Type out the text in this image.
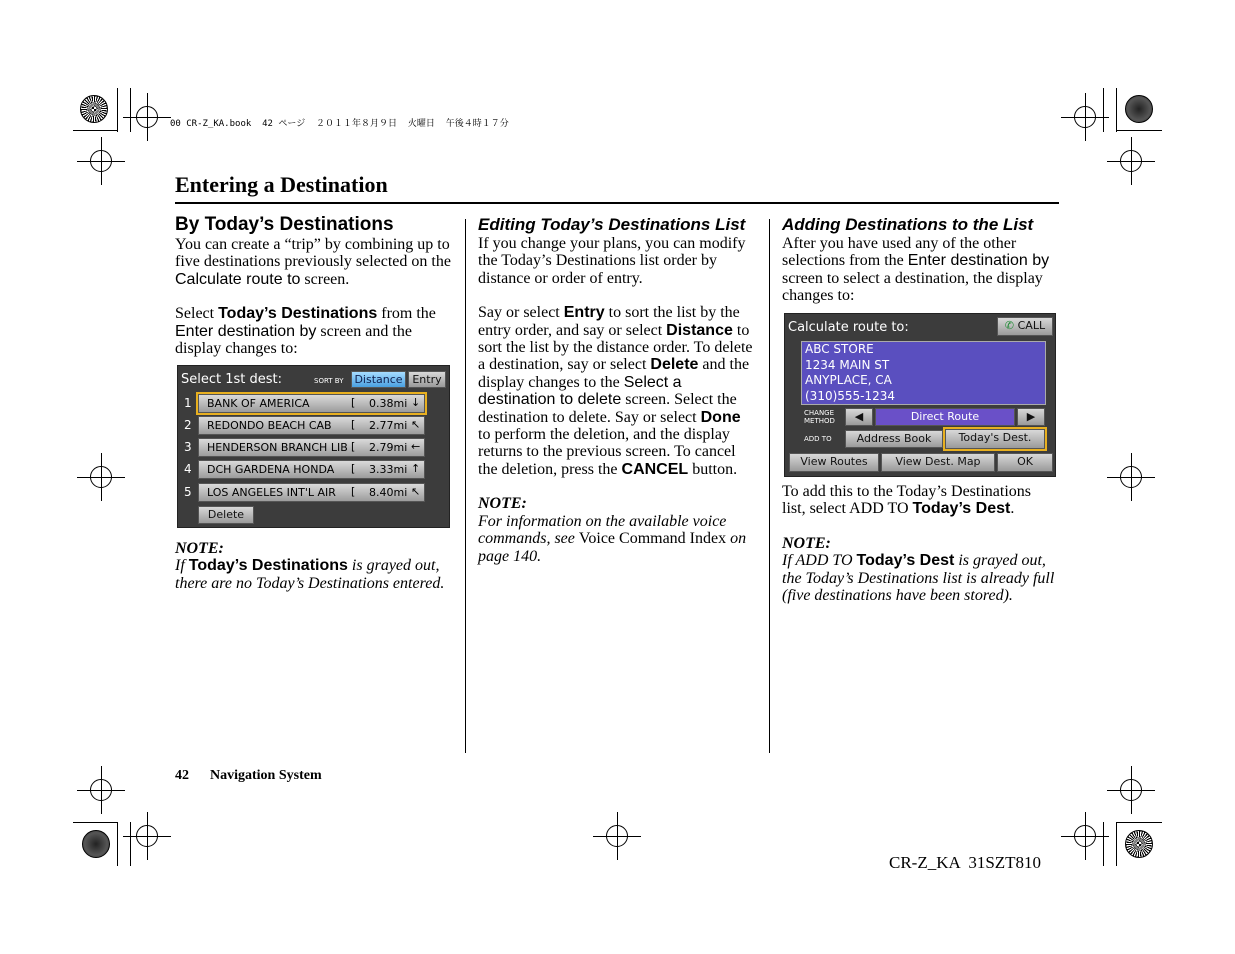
00 CR-Z_KA.book  42 ページ  ２０１１年８月９日  火曜日  午後４時１７分
Entering a Destination
By Today’s Destinations

You can create a “trip” by combining up to five destinations previously selected on the Calculate route to screen.

Select Today’s Destinations from the Enter destination by screen and the display changes to:

Select 1st dest:	SORT BY Distance Entry
1 BANK OF AMERICA	[ 0.38mi ↓
2 REDONDO BEACH CAB [ 2.77mi ↖
3 HENDERSON BRANCH LIB [ 2.79mi ←
4 DCH GARDENA HONDA [ 3.33mi ↑
5 LOS ANGELES INT'L AIR [ 8.40mi ↖
Delete

NOTE:

If Today’s Destinations is grayed out, there are no Today’s Destinations entered.

Editing Today’s Destinations List

If you change your plans, you can modify the Today’s Destinations list order by distance or order of entry.

Say or select Entry to sort the list by the entry order, and say or select Distance to sort the list by the distance order. To delete a destination, say or select Delete and the display changes to the Select a destination to delete screen. Select the destination to delete. Say or select Done to perform the deletion, and the display returns to the previous screen. To cancel the deletion, press the CANCEL button.

NOTE:

For information on the available voice commands, see Voice Command Index on page 140.

Adding Destinations to the List

After you have used any of the other selections from the Enter destination by screen to select a destination, the display changes to:

Calculate route to:	✆ CALL
ABC STORE
1234 MAIN ST
ANYPLACE, CA
(310)555-1234
CHANGE
METHOD	◀	Direct Route	▶
ADD TO	Address Book	Today's Dest.
View Routes	View Dest. Map	OK

To add this to the Today’s Destinations list, select ADD TO Today’s Dest.

NOTE:

If ADD TO Today’s Dest is grayed out, the Today’s Destinations list is already full (five destinations have been stored).

42 Navigation System
CR-Z_KA  31SZT810
